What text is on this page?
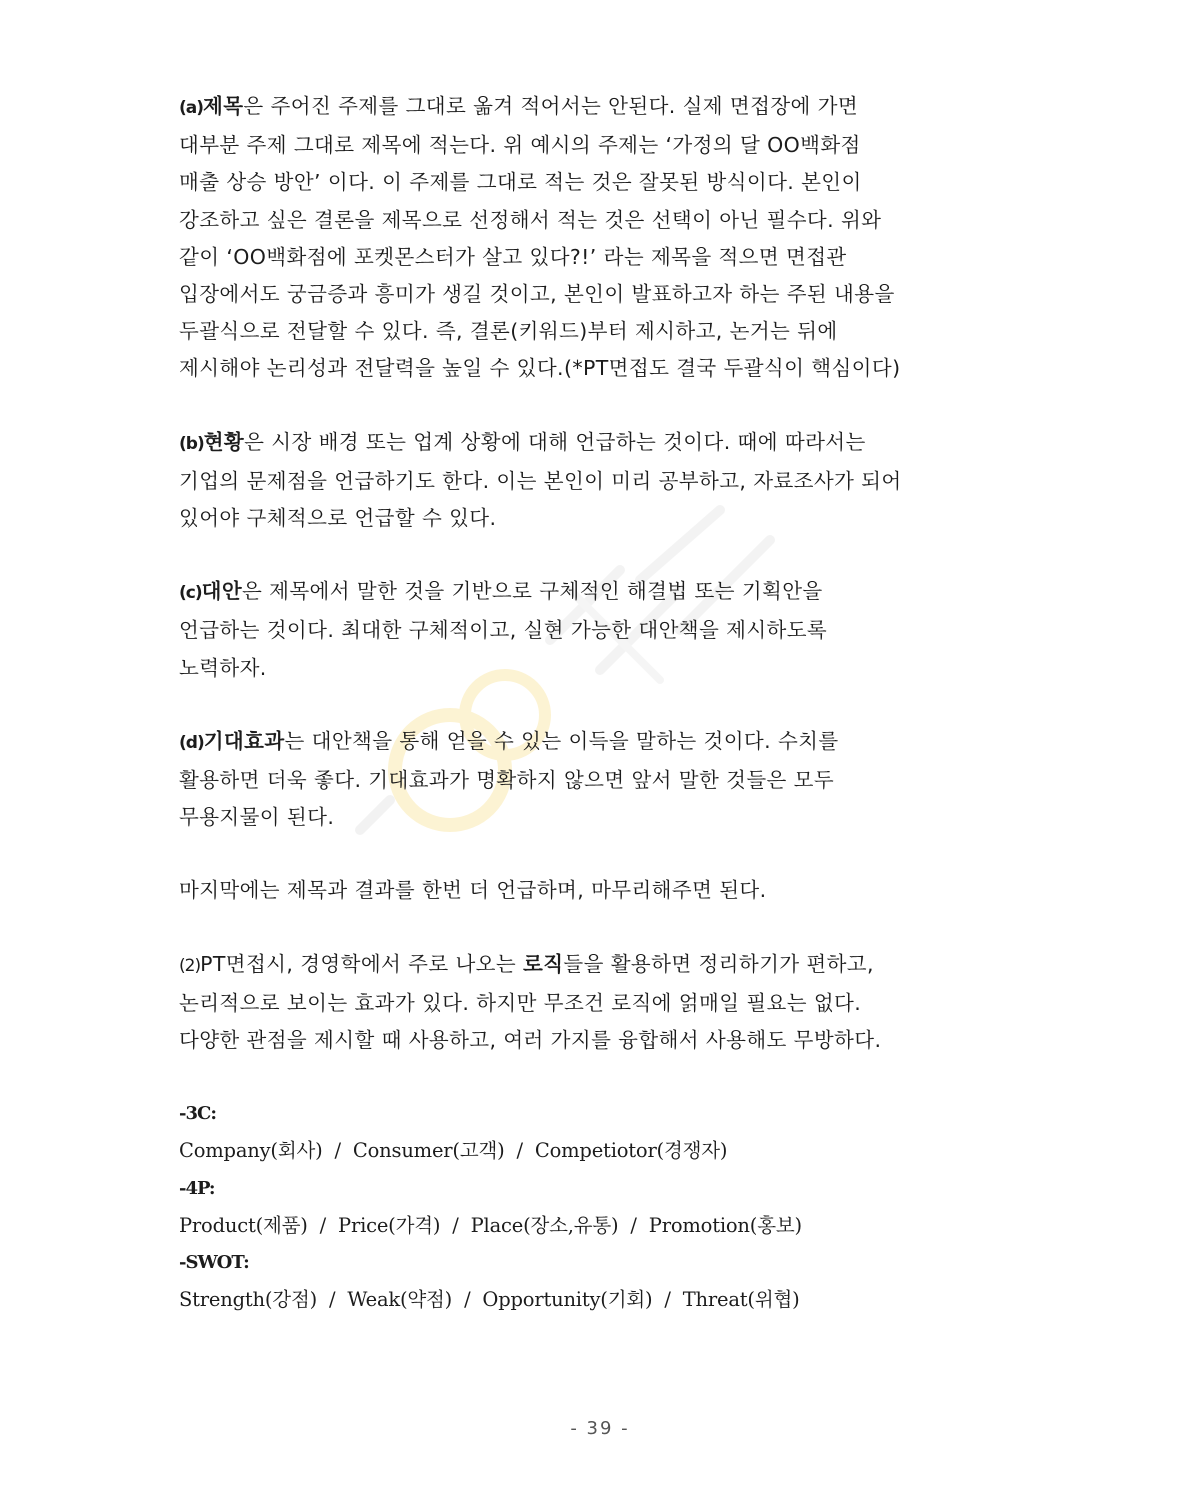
(a)제목은 주어진 주제를 그대로 옮겨 적어서는 안된다. 실제 면접장에 가면
대부분 주제 그대로 제목에 적는다. 위 예시의 주제는 ‘가정의 달 OO백화점
매출 상승 방안’ 이다. 이 주제를 그대로 적는 것은 잘못된 방식이다. 본인이
강조하고 싶은 결론을 제목으로 선정해서 적는 것은 선택이 아닌 필수다. 위와
같이 ‘OO백화점에 포켓몬스터가 살고 있다?!’ 라는 제목을 적으면 면접관
입장에서도 궁금증과 흥미가 생길 것이고, 본인이 발표하고자 하는 주된 내용을
두괄식으로 전달할 수 있다. 즉, 결론(키워드)부터 제시하고, 논거는 뒤에
제시해야 논리성과 전달력을 높일 수 있다.(*PT면접도 결국 두괄식이 핵심이다)

(b)현황은 시장 배경 또는 업계 상황에 대해 언급하는 것이다. 때에 따라서는
기업의 문제점을 언급하기도 한다. 이는 본인이 미리 공부하고, 자료조사가 되어
있어야 구체적으로 언급할 수 있다.

(c)대안은 제목에서 말한 것을 기반으로 구체적인 해결법 또는 기획안을
언급하는 것이다. 최대한 구체적이고, 실현 가능한 대안책을 제시하도록
노력하자.

(d)기대효과는 대안책을 통해 얻을 수 있는 이득을 말하는 것이다. 수치를
활용하면 더욱 좋다. 기대효과가 명확하지 않으면 앞서 말한 것들은 모두
무용지물이 된다.

마지막에는 제목과 결과를 한번 더 언급하며, 마무리해주면 된다.

(2)PT면접시, 경영학에서 주로 나오는 로직들을 활용하면 정리하기가 편하고,
논리적으로 보이는 효과가 있다. 하지만 무조건 로직에 얽매일 필요는 없다.
다양한 관점을 제시할 때 사용하고, 여러 가지를 융합해서 사용해도 무방하다.

-3C:
Company(회사)  /  Consumer(고객)  /  Competiotor(경쟁자)
-4P:
Product(제품)  /  Price(가격)  /  Place(장소,유통)  /  Promotion(홍보)
-SWOT:
Strength(강점)  /  Weak(약점)  /  Opportunity(기회)  /  Threat(위협)
- 39 -
